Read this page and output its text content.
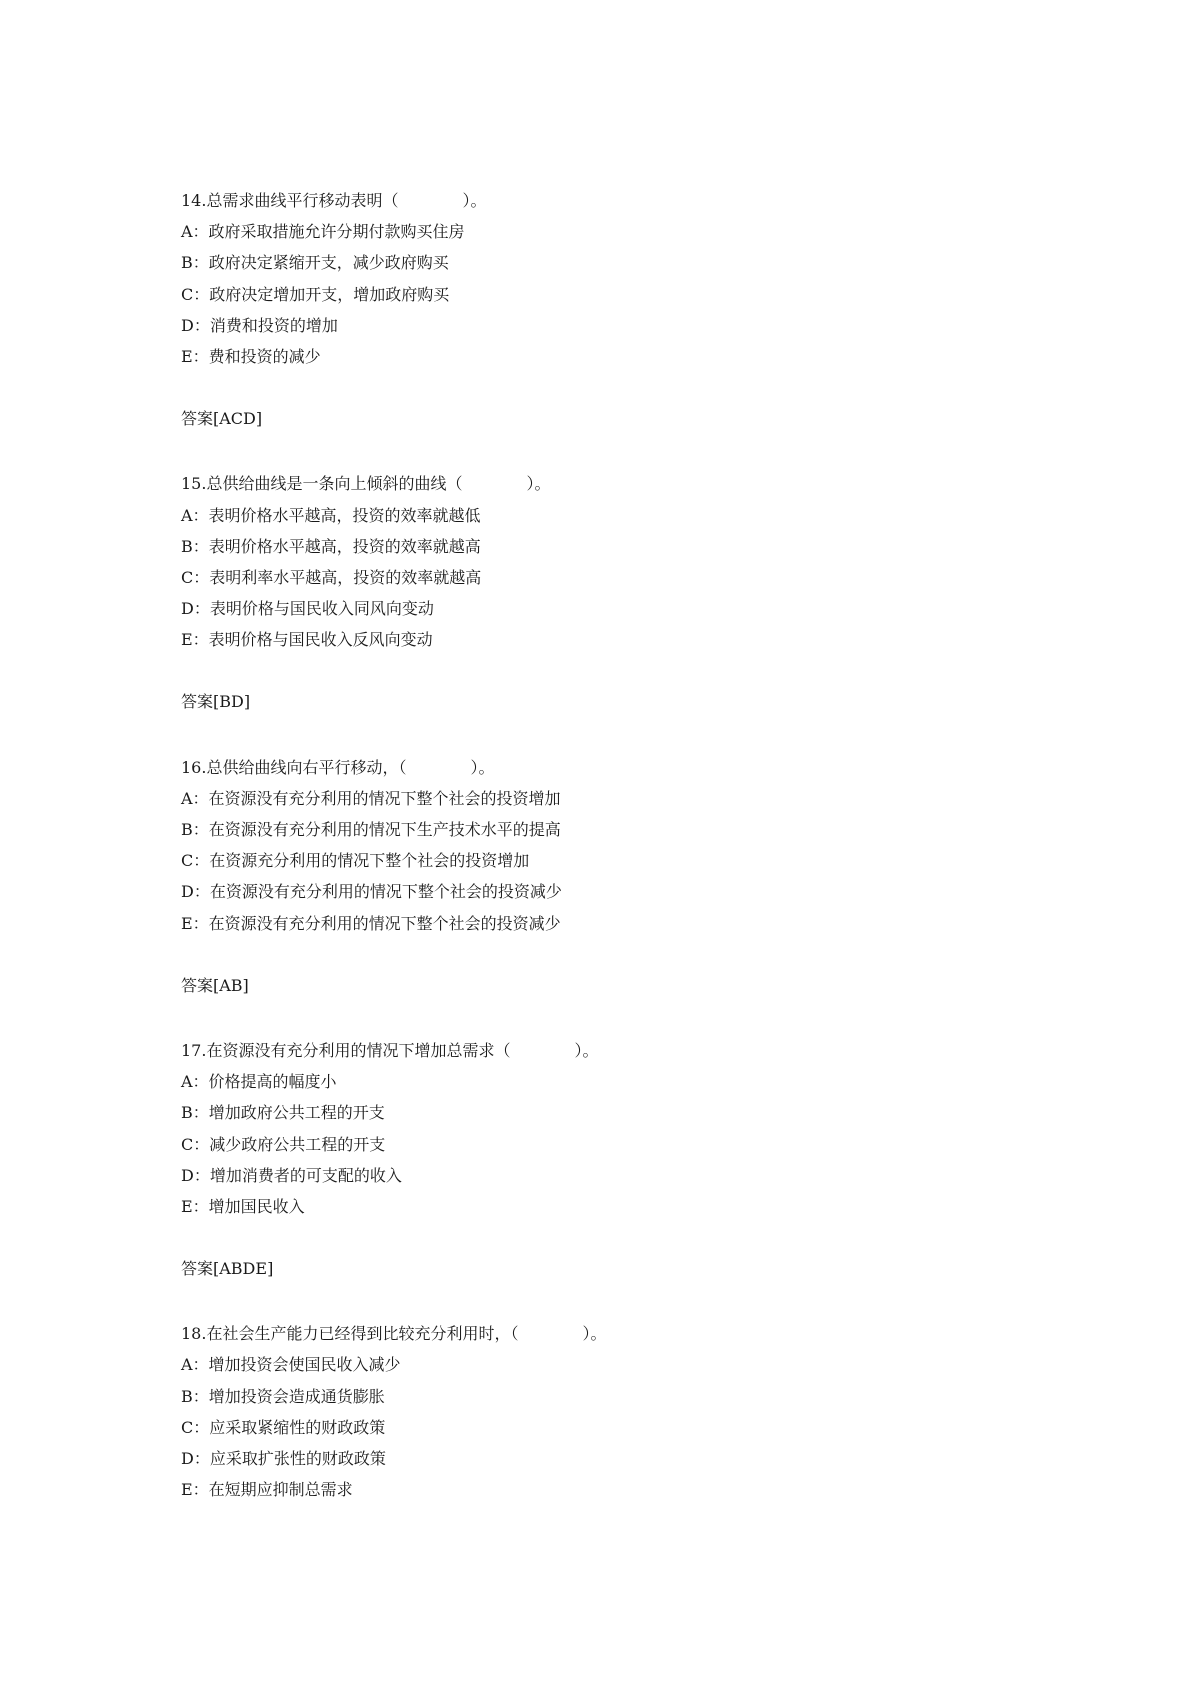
14.总需求曲线平行移动表明（　　　　）。
A：政府采取措施允许分期付款购买住房
B：政府决定紧缩开支，减少政府购买
C：政府决定增加开支，增加政府购买
D：消费和投资的增加
E：费和投资的减少
答案[ACD]
15.总供给曲线是一条向上倾斜的曲线（　　　　）。
A：表明价格水平越高，投资的效率就越低
B：表明价格水平越高，投资的效率就越高
C：表明利率水平越高，投资的效率就越高
D：表明价格与国民收入同风向变动
E：表明价格与国民收入反风向变动
答案[BD]
16.总供给曲线向右平行移动，（　　　　）。
A：在资源没有充分利用的情况下整个社会的投资增加
B：在资源没有充分利用的情况下生产技术水平的提高
C：在资源充分利用的情况下整个社会的投资增加
D：在资源没有充分利用的情况下整个社会的投资减少
E：在资源没有充分利用的情况下整个社会的投资减少
答案[AB]
17.在资源没有充分利用的情况下增加总需求（　　　　）。
A：价格提高的幅度小
B：增加政府公共工程的开支
C：减少政府公共工程的开支
D：增加消费者的可支配的收入
E：增加国民收入
答案[ABDE]
18.在社会生产能力已经得到比较充分利用时，（　　　　）。
A：增加投资会使国民收入减少
B：增加投资会造成通货膨胀
C：应采取紧缩性的财政政策
D：应采取扩张性的财政政策
E：在短期应抑制总需求
